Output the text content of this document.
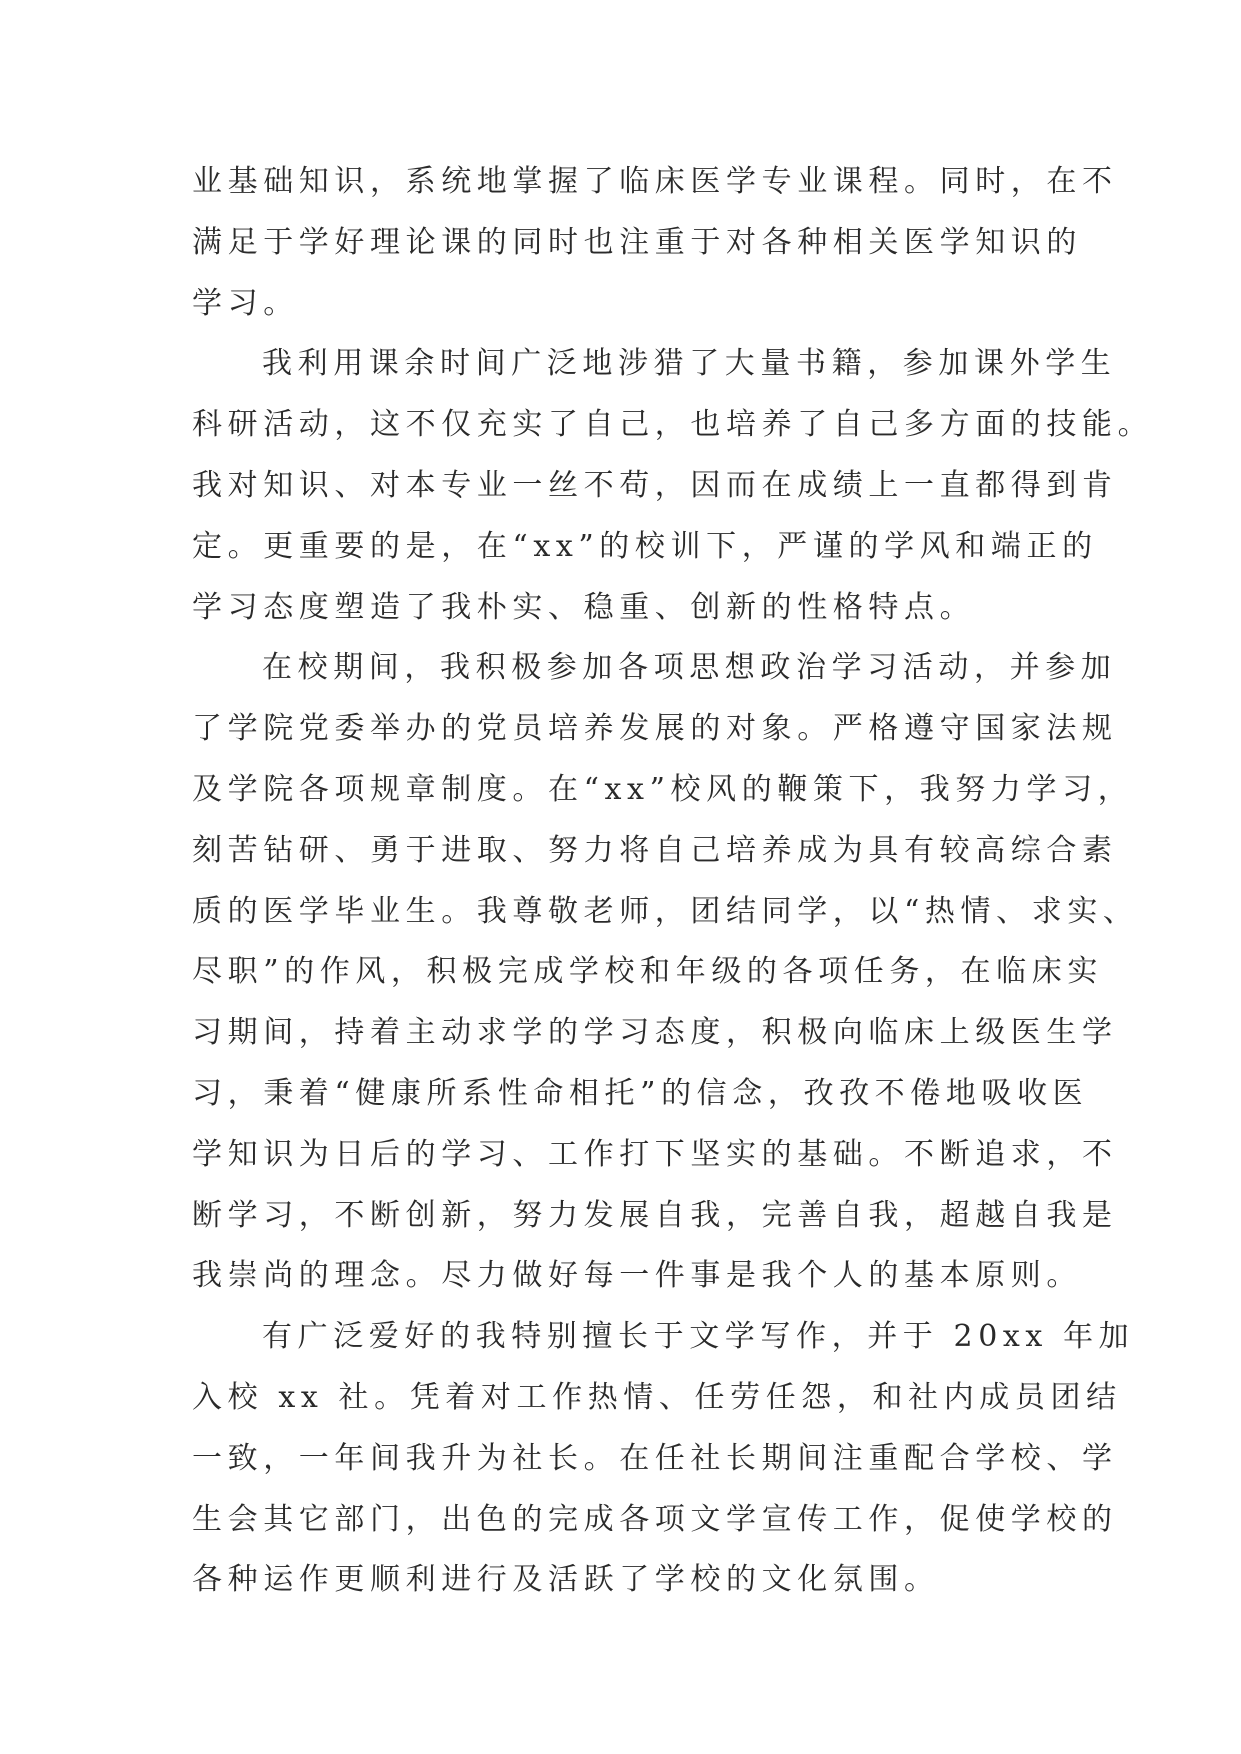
业基础知识，系统地掌握了临床医学专业课程。同时，在不
满足于学好理论课的同时也注重于对各种相关医学知识的
学习。
我利用课余时间广泛地涉猎了大量书籍，参加课外学生
科研活动，这不仅充实了自己，也培养了自己多方面的技能。
我对知识、对本专业一丝不苟，因而在成绩上一直都得到肯
定。更重要的是，在“xx”的校训下，严谨的学风和端正的
学习态度塑造了我朴实、稳重、创新的性格特点。
在校期间，我积极参加各项思想政治学习活动，并参加
了学院党委举办的党员培养发展的对象。严格遵守国家法规
及学院各项规章制度。在“xx”校风的鞭策下，我努力学习，
刻苦钻研、勇于进取、努力将自己培养成为具有较高综合素
质的医学毕业生。我尊敬老师，团结同学，以“热情、求实、
尽职”的作风，积极完成学校和年级的各项任务，在临床实
习期间，持着主动求学的学习态度，积极向临床上级医生学
习，秉着“健康所系性命相托”的信念，孜孜不倦地吸收医
学知识为日后的学习、工作打下坚实的基础。不断追求，不
断学习，不断创新，努力发展自我，完善自我，超越自我是
我崇尚的理念。尽力做好每一件事是我个人的基本原则。
有广泛爱好的我特别擅长于文学写作，并于 20xx 年加
入校 xx 社。凭着对工作热情、任劳任怨，和社内成员团结
一致，一年间我升为社长。在任社长期间注重配合学校、学
生会其它部门，出色的完成各项文学宣传工作，促使学校的
各种运作更顺利进行及活跃了学校的文化氛围。
